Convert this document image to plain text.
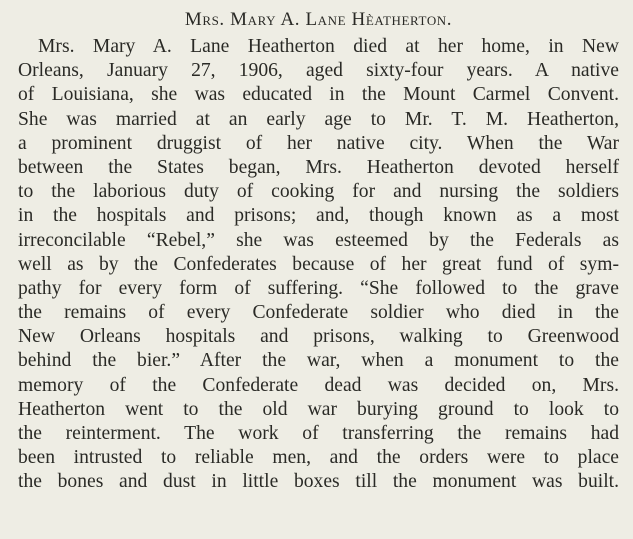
Mrs. Mary A. Lane Hèatherton.
Mrs. Mary A. Lane Heatherton died at her home, in New
Orleans, January 27, 1906, aged sixty-four years. A native
of Louisiana, she was educated in the Mount Carmel Convent.
She was married at an early age to Mr. T. M. Heatherton,
a prominent druggist of her native city. When the War
between the States began, Mrs. Heatherton devoted herself
to the laborious duty of cooking for and nursing the soldiers
in the hospitals and prisons; and, though known as a most
irreconcilable “Rebel,” she was esteemed by the Federals as
well as by the Confederates because of her great fund of sym-
pathy for every form of suffering. “She followed to the grave
the remains of every Confederate soldier who died in the
New Orleans hospitals and prisons, walking to Greenwood
behind the bier.” After the war, when a monument to the
memory of the Confederate dead was decided on, Mrs.
Heatherton went to the old war burying ground to look to
the reinterment. The work of transferring the remains had
been intrusted to reliable men, and the orders were to place
the bones and dust in little boxes till the monument was built.
